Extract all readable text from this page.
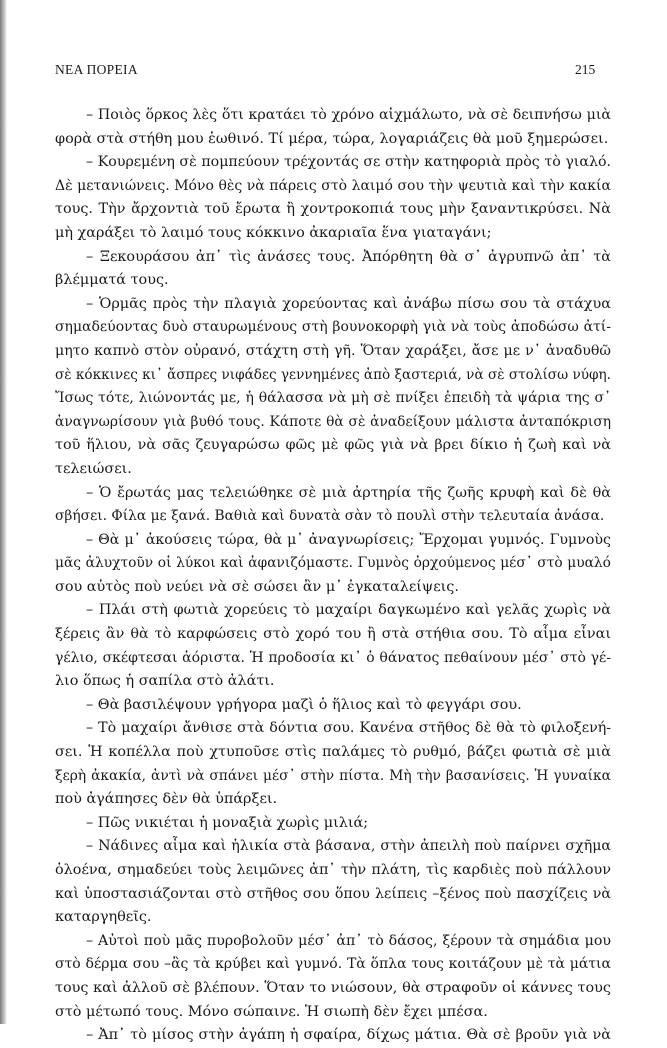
ΝΕΑ ΠΟΡΕΙΑ	215
– Ποιὸς ὅρκος λὲς ὅτι κρατάει τὸ χρόνο αἰχμάλωτο, νὰ σὲ δειπνήσω μιὰ
φορὰ στὰ στήθη μου ἑωθινό. Τί μέρα, τώρα, λογαριάζεις θὰ μοῦ ξημερώσει.
– Κουρεμένη σὲ πομπεύουν τρέχοντάς σε στὴν κατηφοριὰ πρὸς τὸ γιαλό.
Δὲ μετανιώνεις. Μόνο θὲς νὰ πάρεις στὸ λαιμό σου τὴν ψευτιὰ καὶ τὴν κακία
τους. Τὴν ἄρχοντιὰ τοῦ ἔρωτα ἢ χοντροκοπιά τους μὴν ξαναντικρύσει. Νὰ
μὴ χαράξει τὸ λαιμό τους κόκκινο ἀκαριαῖα ἕνα γιαταγάνι;
– Ξεκουράσου ἀπ᾽ τὶς ἀνάσες τους. Ἀπόρθητη θὰ σ᾽ ἀγρυπνῶ ἀπ᾽ τὰ
βλέμματά τους.
– Ὁρμᾶς πρὸς τὴν πλαγιὰ χορεύοντας καὶ ἀνάβω πίσω σου τὰ στάχυα
σημαδεύοντας δυὸ σταυρωμένους στὴ βουνοκορφὴ γιὰ νὰ τοὺς ἀποδώσω ἀτί-
μητο καπνὸ στὸν οὐρανό, στάχτη στὴ γῆ. Ὅταν χαράξει, ἄσε με ν᾽ ἀναδυθῶ
σὲ κόκκινες κι᾽ ἄσπρες νιφάδες γεννημένες ἀπὸ ξαστεριά, νὰ σὲ στολίσω νύφη.
Ἴσως τότε, λιώνοντάς με, ἡ θάλασσα νὰ μὴ σὲ πνίξει ἐπειδὴ τὰ ψάρια της σ᾽
ἀναγνωρίσουν γιὰ βυθό τους. Κάποτε θὰ σὲ ἀναδείξουν μάλιστα ἀνταπόκριση
τοῦ ἥλιου, νὰ σᾶς ζευγαρώσω φῶς μὲ φῶς γιὰ νὰ βρει δίκιο ἡ ζωὴ καὶ νὰ
τελειώσει.
– Ὁ ἔρωτάς μας τελειώθηκε σὲ μιὰ ἀρτηρία τῆς ζωῆς κρυφὴ καὶ δὲ θὰ
σβήσει. Φίλα με ξανά. Βαθιὰ καὶ δυνατὰ σὰν τὸ πουλὶ στὴν τελευταία ἀνάσα.
– Θὰ μ᾽ ἀκούσεις τώρα, θὰ μ᾽ ἀναγνωρίσεις; Ἔρχομαι γυμνός. Γυμνοὺς
μᾶς ἀλυχτοῦν οἱ λύκοι καὶ ἀφανιζόμαστε. Γυμνὸς ὀρχούμενος μέσ᾽ στὸ μυαλό
σου αὐτὸς ποὺ νεύει νὰ σὲ σώσει ἂν μ᾽ ἐγκαταλείψεις.
– Πλάι στὴ φωτιὰ χορεύεις τὸ μαχαίρι δαγκωμένο καὶ γελᾶς χωρὶς νὰ
ξέρεις ἂν θὰ τὸ καρφώσεις στὸ χορό του ἢ στὰ στήθια σου. Τὸ αἷμα εἶναι
γέλιο, σκέφτεσαι ἀόριστα. Ἡ προδοσία κι᾽ ὁ θάνατος πεθαίνουν μέσ᾽ στὸ γέ-
λιο ὅπως ἡ σαπίλα στὸ ἀλάτι.
– Θὰ βασιλέψουν γρήγορα μαζὶ ὁ ἥλιος καὶ τὸ φεγγάρι σου.
– Τὸ μαχαίρι ἄνθισε στὰ δόντια σου. Κανένα στῆθος δὲ θὰ τὸ φιλοξενή-
σει. Ἡ κοπέλλα ποὺ χτυποῦσε στὶς παλάμες τὸ ρυθμό, βάζει φωτιὰ σὲ μιὰ
ξερὴ ἀκακία, ἀντὶ νὰ σπάνει μέσ᾽ στὴν πίστα. Μὴ τὴν βασανίσεις. Ἡ γυναίκα
ποὺ ἀγάπησες δὲν θὰ ὑπάρξει.
– Πῶς νικιέται ἡ μοναξιὰ χωρὶς μιλιά;
– Νάδινες αἷμα καὶ ἡλικία στὰ βάσανα, στὴν ἀπειλὴ ποὺ παίρνει σχῆμα
ὁλοένα, σημαδεύει τοὺς λειμῶνες ἀπ᾽ τὴν πλάτη, τὶς καρδιὲς ποὺ πάλλουν
καὶ ὑποστασιάζονται στὸ στῆθος σου ὅπου λείπεις –ξένος ποὺ πασχίζεις νὰ
καταργηθεῖς.
– Αὐτοὶ ποὺ μᾶς πυροβολοῦν μέσ᾽ ἀπ᾽ τὸ δάσος, ξέρουν τὰ σημάδια μου
στὸ δέρμα σου –ἂς τὰ κρύβει καὶ γυμνό. Τὰ ὅπλα τους κοιτάζουν μὲ τὰ μάτια
τους καὶ ἀλλοῦ σὲ βλέπουν. Ὅταν το νιώσουν, θὰ στραφοῦν οἱ κάννες τους
στὸ μέτωπό τους. Μόνο σώπαινε. Ἡ σιωπὴ δὲν ἔχει μπέσα.
– Ἀπ᾽ τὸ μίσος στὴν ἀγάπη ἡ σφαίρα, δίχως μάτια. Θὰ σὲ βροῦν γιὰ νὰ
